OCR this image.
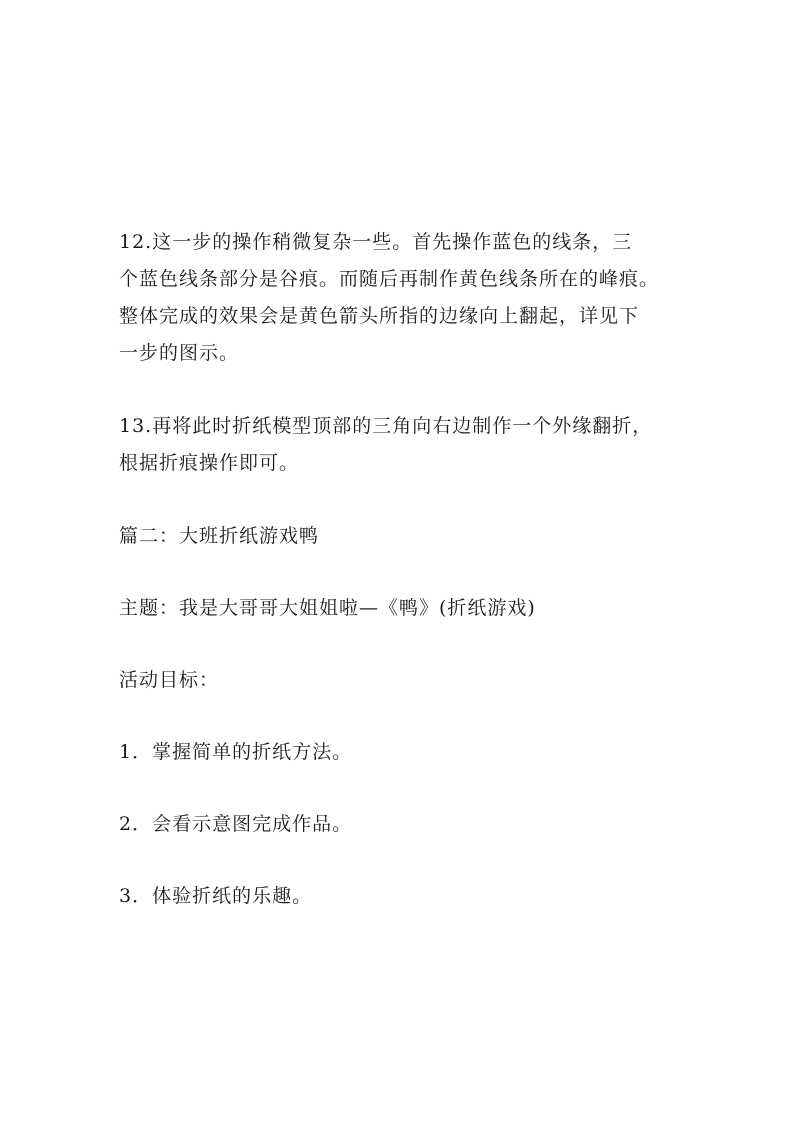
12.这一步的操作稍微复杂一些。首先操作蓝色的线条，三
个蓝色线条部分是谷痕。而随后再制作黄色线条所在的峰痕。
整体完成的效果会是黄色箭头所指的边缘向上翻起，详见下
一步的图示。
13.再将此时折纸模型顶部的三角向右边制作一个外缘翻折，
根据折痕操作即可。
篇二：大班折纸游戏鸭
主题：我是大哥哥大姐姐啦—《鸭》(折纸游戏)
活动目标：
1．掌握简单的折纸方法。
2．会看示意图完成作品。
3．体验折纸的乐趣。
